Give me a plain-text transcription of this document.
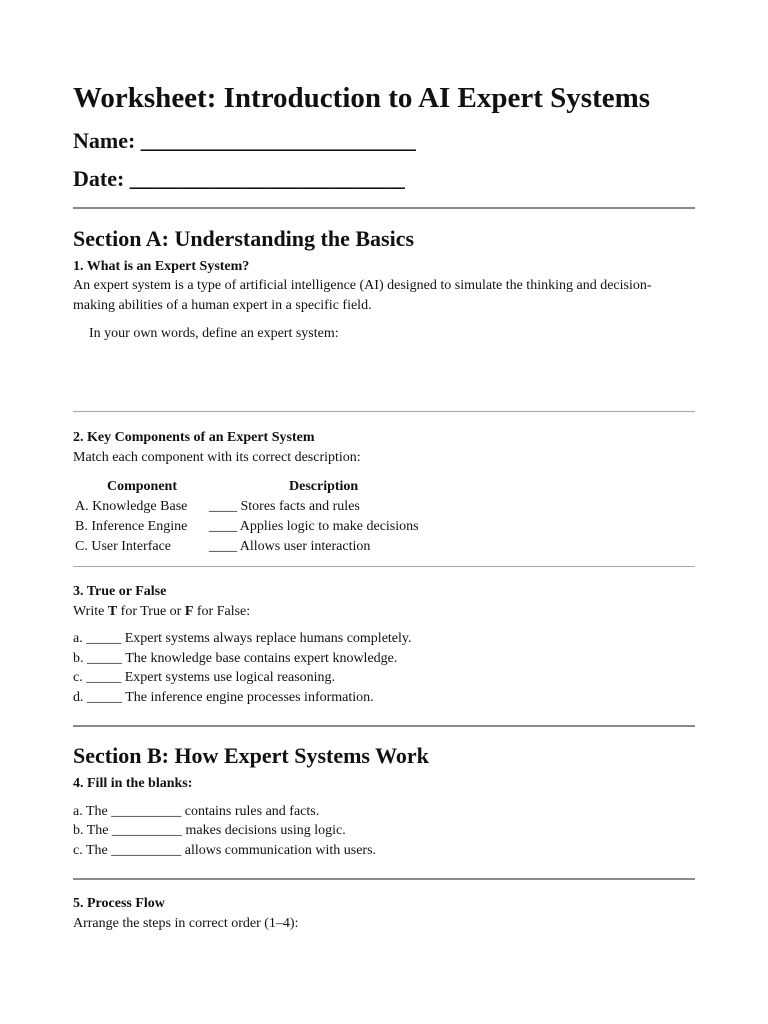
Worksheet: Introduction to AI Expert Systems
Name: _________________________
Date: _________________________
Section A: Understanding the Basics
1. What is an Expert System?
An expert system is a type of artificial intelligence (AI) designed to simulate the thinking and decision-making abilities of a human expert in a specific field.
In your own words, define an expert system:
2. Key Components of an Expert System
Match each component with its correct description:
Component	Description
A. Knowledge Base	____ Stores facts and rules
B. Inference Engine	____ Applies logic to make decisions
C. User Interface	____ Allows user interaction
3. True or False
Write T for True or F for False:
a. _____ Expert systems always replace humans completely.
b. _____ The knowledge base contains expert knowledge.
c. _____ Expert systems use logical reasoning.
d. _____ The inference engine processes information.
Section B: How Expert Systems Work
4. Fill in the blanks:
a. The __________ contains rules and facts.
b. The __________ makes decisions using logic.
c. The __________ allows communication with users.
5. Process Flow
Arrange the steps in correct order (1–4):
